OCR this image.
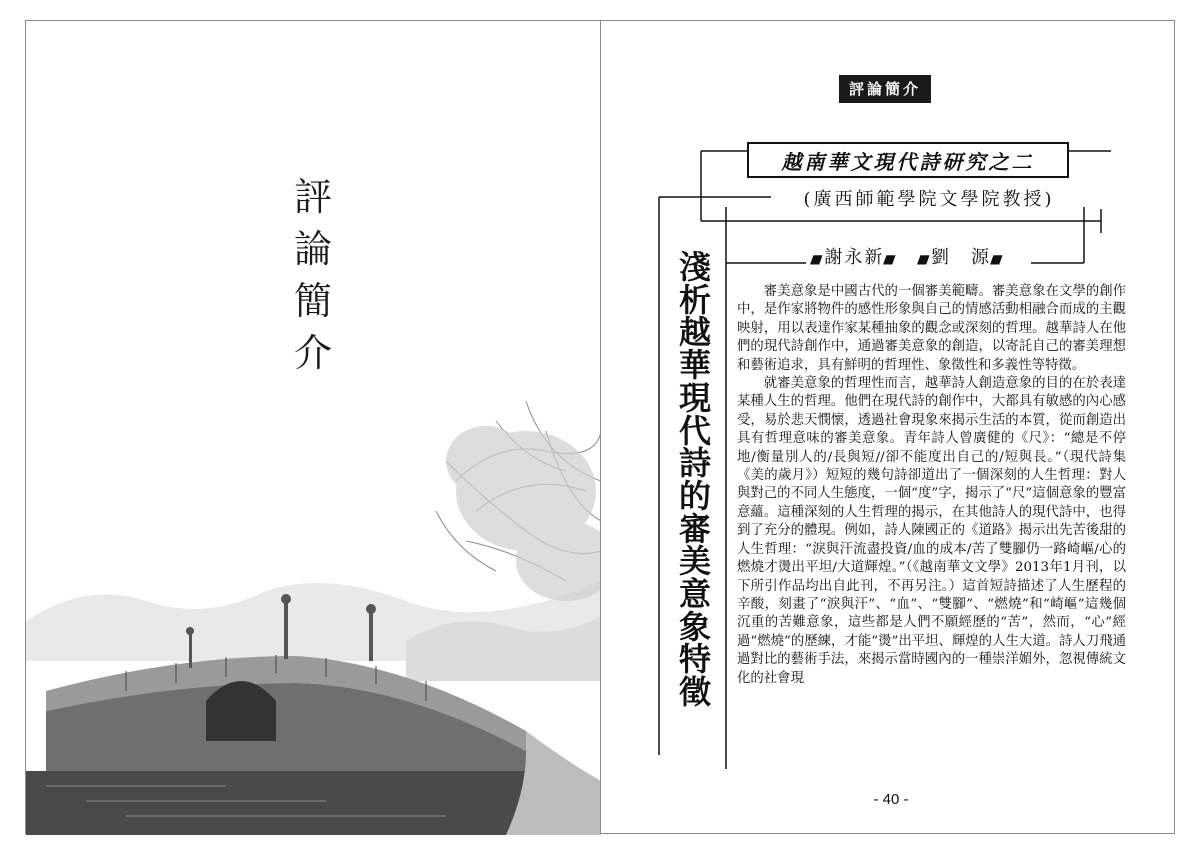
評
論
簡
介
評論簡介
越南華文現代詩研究之二
(廣西師範學院文學院教授)
■謝永新■ ■劉　源■
淺
析
越
華
現
代
詩
的
審
美
意
象
特
徵

審美意象是中國古代的一個審美範疇。審美意象在文學的創作中，是作家將物件的感性形象與自己的情感活動相融合而成的主觀映射，用以表達作家某種抽象的觀念或深刻的哲理。越華詩人在他們的現代詩創作中，通過審美意象的創造，以寄託自己的審美理想和藝術追求，具有鮮明的哲理性、象徵性和多義性等特徵。

就審美意象的哲理性而言，越華詩人創造意象的目的在於表達某種人生的哲理。他們在現代詩的創作中，大都具有敏感的內心感受，易於悲天憫懷，透過社會現象來揭示生活的本質，從而創造出具有哲理意味的審美意象。青年詩人曾廣健的《尺》：“總是不停地/衡量別人的/長與短//卻不能度出自己的/短與長。”（現代詩集《美的歲月》）短短的幾句詩卻道出了一個深刻的人生哲理：對人與對己的不同人生態度，一個“度”字，揭示了“尺”這個意象的豐富意蘊。這種深刻的人生哲理的揭示，在其他詩人的現代詩中，也得到了充分的體現。例如，詩人陳國正的《道路》揭示出先苦後甜的人生哲理：“淚與汗流盡投資/血的成本/苦了雙腳仍一路崎嶇/心的燃燒才燙出平坦/大道輝煌。”（《越南華文文學》2013年1月刊，以下所引作品均出自此刊，不再另注。）這首短詩描述了人生歷程的辛酸，刻畫了“淚與汗”、“血”、“雙腳”、“燃燒”和“崎嶇”這幾個沉重的苦難意象，這些都是人們不願經歷的“苦”，然而，“心”經過“燃燒”的歷練，才能“燙”出平坦、輝煌的人生大道。詩人刀飛通過對比的藝術手法，來揭示當時國內的一種崇洋媚外，忽視傳統文化的社會現

- 40 -
